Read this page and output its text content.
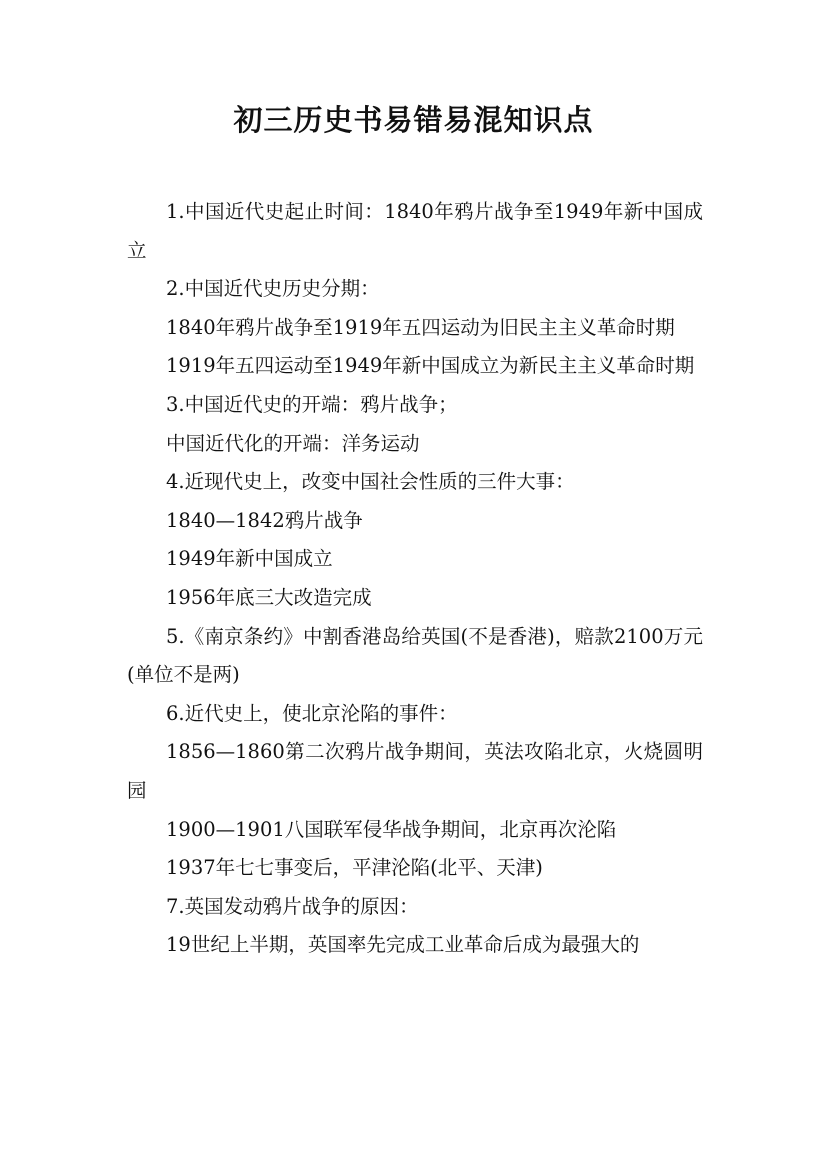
初三历史书易错易混知识点

1.中国近代史起止时间：1840年鸦片战争至1949年新中国成立

2.中国近代史历史分期：

1840年鸦片战争至1919年五四运动为旧民主主义革命时期

1919年五四运动至1949年新中国成立为新民主主义革命时期

3.中国近代史的开端：鸦片战争；

中国近代化的开端：洋务运动

4.近现代史上，改变中国社会性质的三件大事：

1840—1842鸦片战争

1949年新中国成立

1956年底三大改造完成

5.《南京条约》中割香港岛给英国(不是香港)，赔款2100万元(单位不是两)

6.近代史上，使北京沦陷的事件：

1856—1860第二次鸦片战争期间，英法攻陷北京，火烧圆明园

1900—1901八国联军侵华战争期间，北京再次沦陷

1937年七七事变后，平津沦陷(北平、天津)

7.英国发动鸦片战争的原因：

19世纪上半期，英国率先完成工业革命后成为最强大的
